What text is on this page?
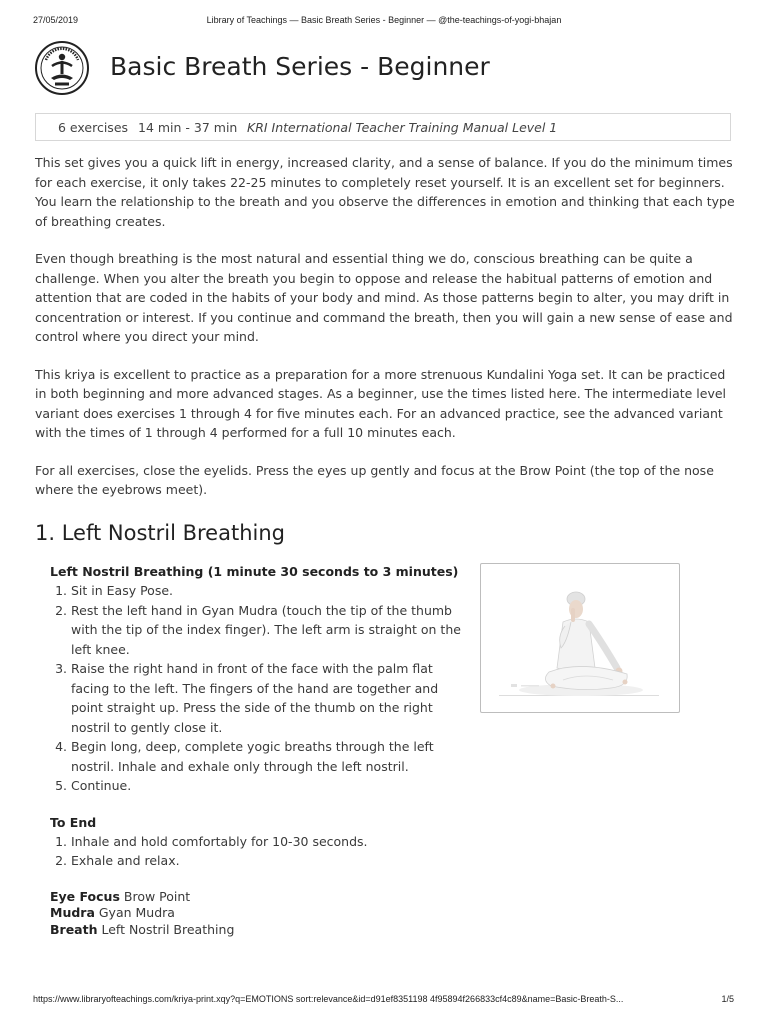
27/05/2019	Library of Teachings — Basic Breath Series - Beginner — @the-teachings-of-yogi-bhajan
Basic Breath Series - Beginner
6 exercises 14 min - 37 min KRI International Teacher Training Manual Level 1

This set gives you a quick lift in energy, increased clarity, and a sense of balance. If you do the minimum times for each exercise, it only takes 22-25 minutes to completely reset yourself. It is an excellent set for beginners. You learn the relationship to the breath and you observe the differences in emotion and thinking that each type of breathing creates.

Even though breathing is the most natural and essential thing we do, conscious breathing can be quite a challenge. When you alter the breath you begin to oppose and release the habitual patterns of emotion and attention that are coded in the habits of your body and mind. As those patterns begin to alter, you may drift in concentration or interest. If you continue and command the breath, then you will gain a new sense of ease and control where you direct your mind.

This kriya is excellent to practice as a preparation for a more strenuous Kundalini Yoga set. It can be practiced in both beginning and more advanced stages. As a beginner, use the times listed here. The intermediate level variant does exercises 1 through 4 for five minutes each. For an advanced practice, see the advanced variant with the times of 1 through 4 performed for a full 10 minutes each.

For all exercises, close the eyelids. Press the eyes up gently and focus at the Brow Point (the top of the nose where the eyebrows meet).

1. Left Nostril Breathing

Left Nostril Breathing (1 minute 30 seconds to 3 minutes)

1. Sit in Easy Pose.
2. Rest the left hand in Gyan Mudra (touch the tip of the thumb with the tip of the index finger). The left arm is straight on the left knee.
3. Raise the right hand in front of the face with the palm flat facing to the left. The fingers of the hand are together and point straight up. Press the side of the thumb on the right nostril to gently close it.
4. Begin long, deep, complete yogic breaths through the left nostril. Inhale and exhale only through the left nostril.
5. Continue.

To End

1. Inhale and hold comfortably for 10-30 seconds.
2. Exhale and relax.
Eye Focus Brow Point
Mudra Gyan Mudra
Breath Left Nostril Breathing
https://www.libraryofteachings.com/kriya-print.xqy?q=EMOTIONS sort:relevance&id=d91ef8351198 4f95894f266833cf4c89&name=Basic-Breath-S...	1/5
